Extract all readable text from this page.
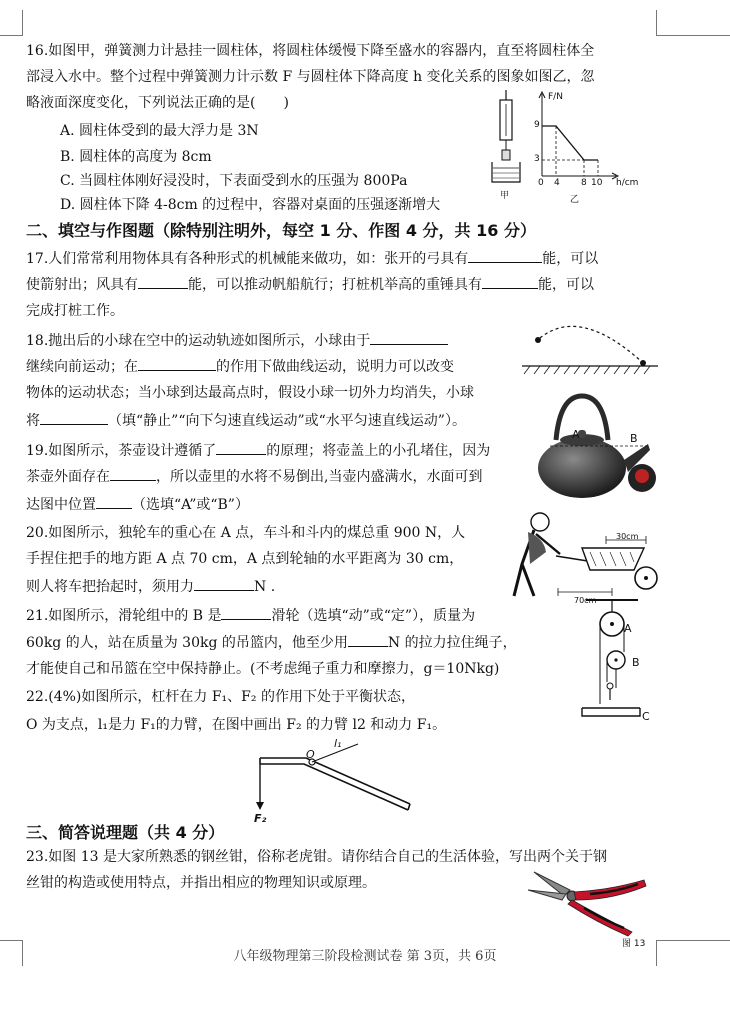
16.如图甲，弹簧测力计悬挂一圆柱体，将圆柱体缓慢下降至盛水的容器内，直至将圆柱体全
部浸入水中。整个过程中弹簧测力计示数 F 与圆柱体下降高度 h 变化关系的图象如图乙，忽
略液面深度变化，下列说法正确的是(　　)
A. 圆柱体受到的最大浮力是 3N
B. 圆柱体的高度为 8cm
C. 当圆柱体刚好浸没时，下表面受到水的压强为 800Pa
D. 圆柱体下降 4-8cm 的过程中，容器对桌面的压强逐渐增大
甲
F/N
9
3
0 4 8 10 h/cm
乙
二、填空与作图题（除特别注明外，每空 1 分、作图 4 分，共 16 分）
17.人们常常利用物体具有各种形式的机械能来做功，如：张开的弓具有	能，可以
使箭射出；风具有	能，可以推动帆船航行；打桩机举高的重锤具有	能，可以
完成打桩工作。
18.抛出后的小球在空中的运动轨迹如图所示，小球由于
继续向前运动；在	的作用下做曲线运动，说明力可以改变
物体的运动状态；当小球到达最高点时，假设小球一切外力均消失，小球
将	（填“静止”“向下匀速直线运动”或“水平匀速直线运动”）。
19.如图所示，茶壶设计遵循了	的原理；将壶盖上的小孔堵住，因为
茶壶外面存在	，所以壶里的水将不易倒出,当壶内盛满水，水面可到
达图中位置	（选填“A”或“B”）
A	B
20.如图所示，独轮车的重心在 A 点，车斗和斗内的煤总重 900 N，人
手捏住把手的地方距 A 点 70 cm，A 点到轮轴的水平距离为 30 cm，
则人将车把抬起时，须用力	N .
30cm
70cm
21.如图所示，滑轮组中的 B 是	滑轮（选填“动”或“定”），质量为
60kg 的人，站在质量为 30kg 的吊篮内，他至少用	N 的拉力拉住绳子，
才能使自己和吊篮在空中保持静止。(不考虑绳子重力和摩擦力，g＝10Nkg)
A
B
C
22.(4%)如图所示，杠杆在力 F₁、F₂ 的作用下处于平衡状态，
O 为支点，l₁是力 F₁的力臂，在图中画出 F₂ 的力臂 l2 和动力 F₁。
O
l₁
F₂
三、简答说理题（共 4 分）
23.如图 13 是大家所熟悉的钢丝钳，俗称老虎钳。请你结合自己的生活体验，写出两个关于钢
丝钳的构造或使用特点，并指出相应的物理知识或原理。
图 13
八年级物理第三阶段检测试卷 第 3页，共 6页
